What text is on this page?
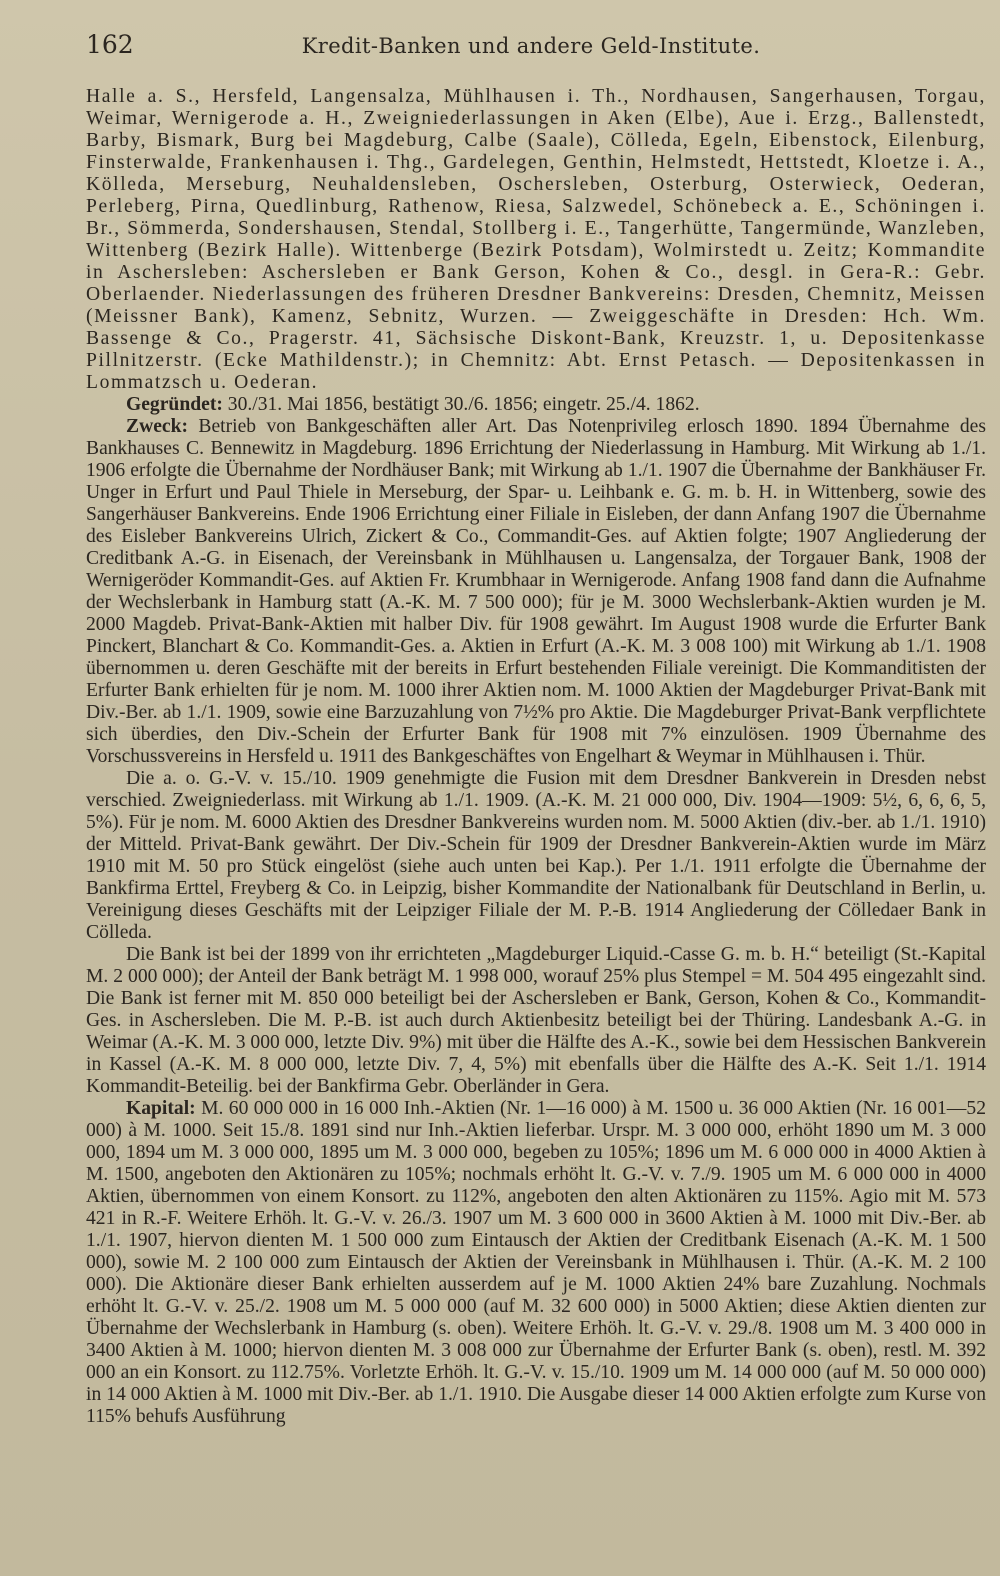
162	Kredit-Banken und andere Geld-Institute.

Halle a. S., Hersfeld, Langensalza, Mühlhausen i. Th., Nordhausen, Sangerhausen, Torgau, Weimar, Wernigerode a. H., Zweigniederlassungen in Aken (Elbe), Aue i. Erzg., Ballenstedt, Barby, Bismark, Burg bei Magdeburg, Calbe (Saale), Cölleda, Egeln, Eibenstock, Eilenburg, Finsterwalde, Frankenhausen i. Thg., Gardelegen, Genthin, Helmstedt, Hettstedt, Kloetze i. A., Kölleda, Merseburg, Neuhaldensleben, Oschersleben, Osterburg, Osterwieck, Oederan, Perleberg, Pirna, Quedlinburg, Rathenow, Riesa, Salzwedel, Schönebeck a. E., Schöningen i. Br., Sömmerda, Sondershausen, Stendal, Stollberg i. E., Tangerhütte, Tangermünde, Wanzleben, Wittenberg (Bezirk Halle). Wittenberge (Bezirk Potsdam), Wolmirstedt u. Zeitz; Kommandite in Aschersleben: Aschersleben er Bank Gerson, Kohen & Co., desgl. in Gera-R.: Gebr. Oberlaender. Niederlassungen des früheren Dresdner Bankvereins: Dresden, Chemnitz, Meissen (Meissner Bank), Kamenz, Sebnitz, Wurzen. — Zweiggeschäfte in Dresden: Hch. Wm. Bassenge & Co., Pragerstr. 41, Sächsische Diskont-Bank, Kreuzstr. 1, u. Depositenkasse Pillnitzerstr. (Ecke Mathildenstr.); in Chemnitz: Abt. Ernst Petasch. — Depositenkassen in Lommatzsch u. Oederan.

Gegründet: 30./31. Mai 1856, bestätigt 30./6. 1856; eingetr. 25./4. 1862.

Zweck: Betrieb von Bankgeschäften aller Art. Das Notenprivileg erlosch 1890. 1894 Übernahme des Bankhauses C. Bennewitz in Magdeburg. 1896 Errichtung der Niederlassung in Hamburg. Mit Wirkung ab 1./1. 1906 erfolgte die Übernahme der Nordhäuser Bank; mit Wirkung ab 1./1. 1907 die Übernahme der Bankhäuser Fr. Unger in Erfurt und Paul Thiele in Merseburg, der Spar- u. Leihbank e. G. m. b. H. in Wittenberg, sowie des Sangerhäuser Bankvereins. Ende 1906 Errichtung einer Filiale in Eisleben, der dann Anfang 1907 die Übernahme des Eisleber Bankvereins Ulrich, Zickert & Co., Commandit-Ges. auf Aktien folgte; 1907 Angliederung der Creditbank A.-G. in Eisenach, der Vereinsbank in Mühlhausen u. Langensalza, der Torgauer Bank, 1908 der Wernigeröder Kommandit-Ges. auf Aktien Fr. Krumbhaar in Wernigerode. Anfang 1908 fand dann die Aufnahme der Wechslerbank in Hamburg statt (A.-K. M. 7 500 000); für je M. 3000 Wechslerbank-Aktien wurden je M. 2000 Magdeb. Privat-Bank-Aktien mit halber Div. für 1908 gewährt. Im August 1908 wurde die Erfurter Bank Pinckert, Blanchart & Co. Kommandit-Ges. a. Aktien in Erfurt (A.-K. M. 3 008 100) mit Wirkung ab 1./1. 1908 übernommen u. deren Geschäfte mit der bereits in Erfurt bestehenden Filiale vereinigt. Die Kommanditisten der Erfurter Bank erhielten für je nom. M. 1000 ihrer Aktien nom. M. 1000 Aktien der Magdeburger Privat-Bank mit Div.-Ber. ab 1./1. 1909, sowie eine Barzuzahlung von 7½% pro Aktie. Die Magdeburger Privat-Bank verpflichtete sich überdies, den Div.-Schein der Erfurter Bank für 1908 mit 7% einzulösen. 1909 Übernahme des Vorschussvereins in Hersfeld u. 1911 des Bankgeschäftes von Engelhart & Weymar in Mühlhausen i. Thür.

Die a. o. G.-V. v. 15./10. 1909 genehmigte die Fusion mit dem Dresdner Bankverein in Dresden nebst verschied. Zweigniederlass. mit Wirkung ab 1./1. 1909. (A.-K. M. 21 000 000, Div. 1904—1909: 5½, 6, 6, 6, 5, 5%). Für je nom. M. 6000 Aktien des Dresdner Bankvereins wurden nom. M. 5000 Aktien (div.-ber. ab 1./1. 1910) der Mitteld. Privat-Bank gewährt. Der Div.-Schein für 1909 der Dresdner Bankverein-Aktien wurde im März 1910 mit M. 50 pro Stück eingelöst (siehe auch unten bei Kap.). Per 1./1. 1911 erfolgte die Übernahme der Bankfirma Erttel, Freyberg & Co. in Leipzig, bisher Kommandite der Nationalbank für Deutschland in Berlin, u. Vereinigung dieses Geschäfts mit der Leipziger Filiale der M. P.-B. 1914 Angliederung der Cölledaer Bank in Cölleda.

Die Bank ist bei der 1899 von ihr errichteten „Magdeburger Liquid.-Casse G. m. b. H.“ beteiligt (St.-Kapital M. 2 000 000); der Anteil der Bank beträgt M. 1 998 000, worauf 25% plus Stempel = M. 504 495 eingezahlt sind. Die Bank ist ferner mit M. 850 000 beteiligt bei der Aschersleben er Bank, Gerson, Kohen & Co., Kommandit-Ges. in Aschersleben. Die M. P.-B. ist auch durch Aktienbesitz beteiligt bei der Thüring. Landesbank A.-G. in Weimar (A.-K. M. 3 000 000, letzte Div. 9%) mit über die Hälfte des A.-K., sowie bei dem Hessischen Bankverein in Kassel (A.-K. M. 8 000 000, letzte Div. 7, 4, 5%) mit ebenfalls über die Hälfte des A.-K. Seit 1./1. 1914 Kommandit-Beteilig. bei der Bankfirma Gebr. Oberländer in Gera.

Kapital: M. 60 000 000 in 16 000 Inh.-Aktien (Nr. 1—16 000) à M. 1500 u. 36 000 Aktien (Nr. 16 001—52 000) à M. 1000. Seit 15./8. 1891 sind nur Inh.-Aktien lieferbar. Urspr. M. 3 000 000, erhöht 1890 um M. 3 000 000, 1894 um M. 3 000 000, 1895 um M. 3 000 000, begeben zu 105%; 1896 um M. 6 000 000 in 4000 Aktien à M. 1500, angeboten den Aktionären zu 105%; nochmals erhöht lt. G.-V. v. 7./9. 1905 um M. 6 000 000 in 4000 Aktien, übernommen von einem Konsort. zu 112%, angeboten den alten Aktionären zu 115%. Agio mit M. 573 421 in R.-F. Weitere Erhöh. lt. G.-V. v. 26./3. 1907 um M. 3 600 000 in 3600 Aktien à M. 1000 mit Div.-Ber. ab 1./1. 1907, hiervon dienten M. 1 500 000 zum Eintausch der Aktien der Creditbank Eisenach (A.-K. M. 1 500 000), sowie M. 2 100 000 zum Eintausch der Aktien der Vereinsbank in Mühlhausen i. Thür. (A.-K. M. 2 100 000). Die Aktionäre dieser Bank erhielten ausserdem auf je M. 1000 Aktien 24% bare Zuzahlung. Nochmals erhöht lt. G.-V. v. 25./2. 1908 um M. 5 000 000 (auf M. 32 600 000) in 5000 Aktien; diese Aktien dienten zur Übernahme der Wechslerbank in Hamburg (s. oben). Weitere Erhöh. lt. G.-V. v. 29./8. 1908 um M. 3 400 000 in 3400 Aktien à M. 1000; hiervon dienten M. 3 008 000 zur Übernahme der Erfurter Bank (s. oben), restl. M. 392 000 an ein Konsort. zu 112.75%. Vorletzte Erhöh. lt. G.-V. v. 15./10. 1909 um M. 14 000 000 (auf M. 50 000 000) in 14 000 Aktien à M. 1000 mit Div.-Ber. ab 1./1. 1910. Die Ausgabe dieser 14 000 Aktien erfolgte zum Kurse von 115% behufs Ausführung
